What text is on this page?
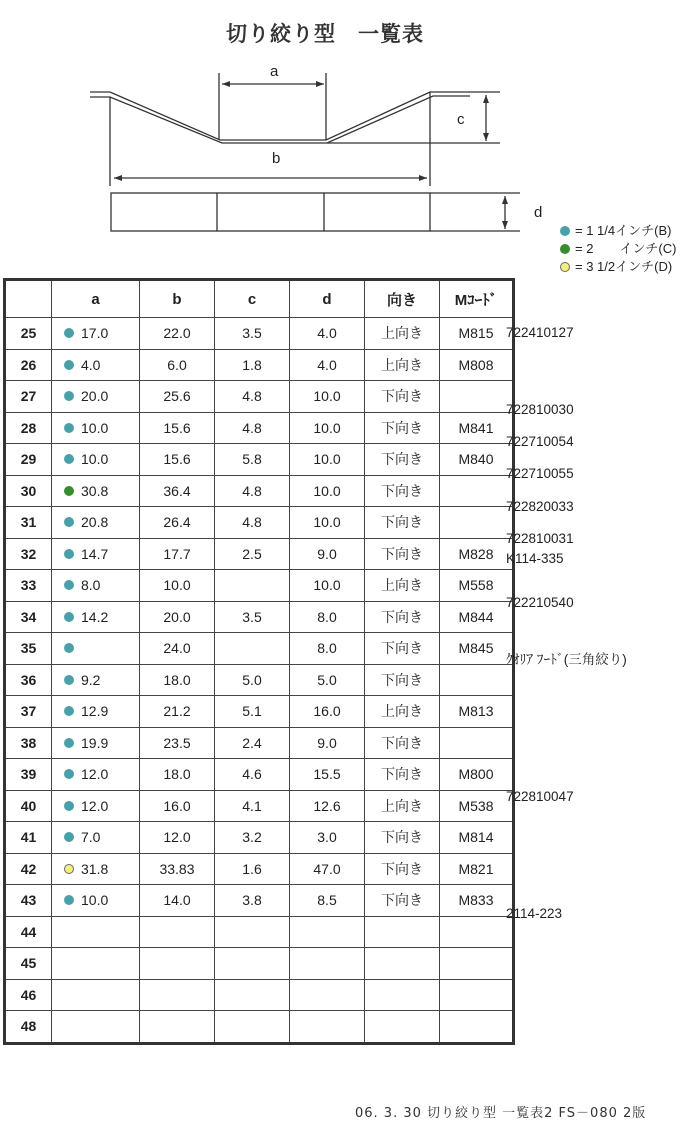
切り絞り型　一覧表
a
b
c
d
= 1 1/4インチ(B)
= 2　　インチ(C)
= 3 1/2インチ(D)
	a	b	c	d	向き	Mｺｰﾄﾞ
25	17.0	22.0	3.5	4.0	上向き	M815
26	4.0	6.0	1.8	4.0	上向き	M808
27	20.0	25.6	4.8	10.0	下向き	
28	10.0	15.6	4.8	10.0	下向き	M841
29	10.0	15.6	5.8	10.0	下向き	M840
30	30.8	36.4	4.8	10.0	下向き	
31	20.8	26.4	4.8	10.0	下向き	
32	14.7	17.7	2.5	9.0	下向き	M828
33	8.0	10.0		10.0	上向き	M558
34	14.2	20.0	3.5	8.0	下向き	M844
35		24.0		8.0	下向き	M845
36	9.2	18.0	5.0	5.0	下向き	
37	12.9	21.2	5.1	16.0	上向き	M813
38	19.9	23.5	2.4	9.0	下向き	
39	12.0	18.0	4.6	15.5	下向き	M800
40	12.0	16.0	4.1	12.6	上向き	M538
41	7.0	12.0	3.2	3.0	下向き	M814
42	31.8	33.83	1.6	47.0	下向き	M821
43	10.0	14.0	3.8	8.5	下向き	M833
44						
45						
46						
48						
722410127
722810030
722710054
722710055
722820033
722810031
K114-335
722210540
ｸｵﾘｱ ﾌｰﾄﾞ(三角絞り)
722810047
2114-223
06. 3. 30 切り絞り型 一覧表2 FS－080 2版
